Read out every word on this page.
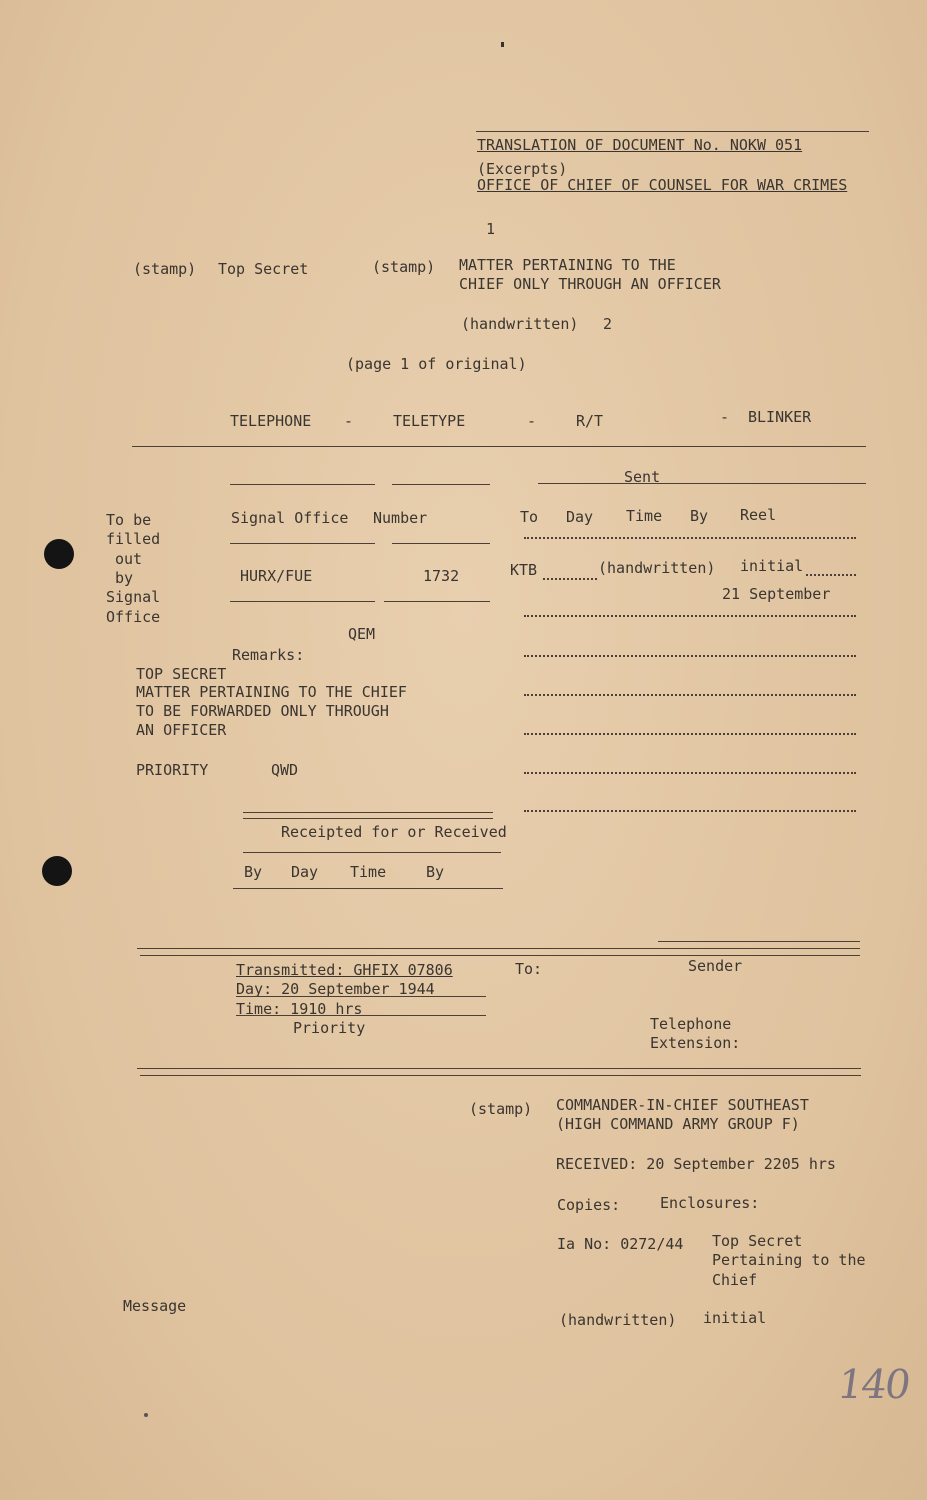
TRANSLATION OF DOCUMENT No. NOKW 051
(Excerpts)
OFFICE OF CHIEF OF COUNSEL FOR WAR CRIMES
1
(stamp) Top Secret	(stamp) MATTER PERTAINING TO THE
CHIEF ONLY THROUGH AN OFFICER
(handwritten) 2
(page 1 of original)
TELEPHONE -	TELETYPE	-	R/T	- BLINKER
Sent
To be
filled
out
by
Signal
Office
Signal Office Number	To Day Time By Reel
HURX/FUE	1732	KTB	(handwritten) initial
21 September
QEM
Remarks:
TOP SECRET
MATTER PERTAINING TO THE CHIEF
TO BE FORWARDED ONLY THROUGH
AN OFFICER
PRIORITY	QWD
Receipted for or Received
By Day Time	By
Transmitted: GHFIX 07806	To:	Sender
Day: 20 September 1944
Time: 1910 hrs
Priority	Telephone
Extension:
(stamp) COMMANDER-IN-CHIEF SOUTHEAST
(HIGH COMMAND ARMY GROUP F)
RECEIVED: 20 September 2205 hrs
Copies:	Enclosures:
Ia No: 0272/44 Top Secret
Pertaining to the
Chief
Message
(handwritten) initial
140
